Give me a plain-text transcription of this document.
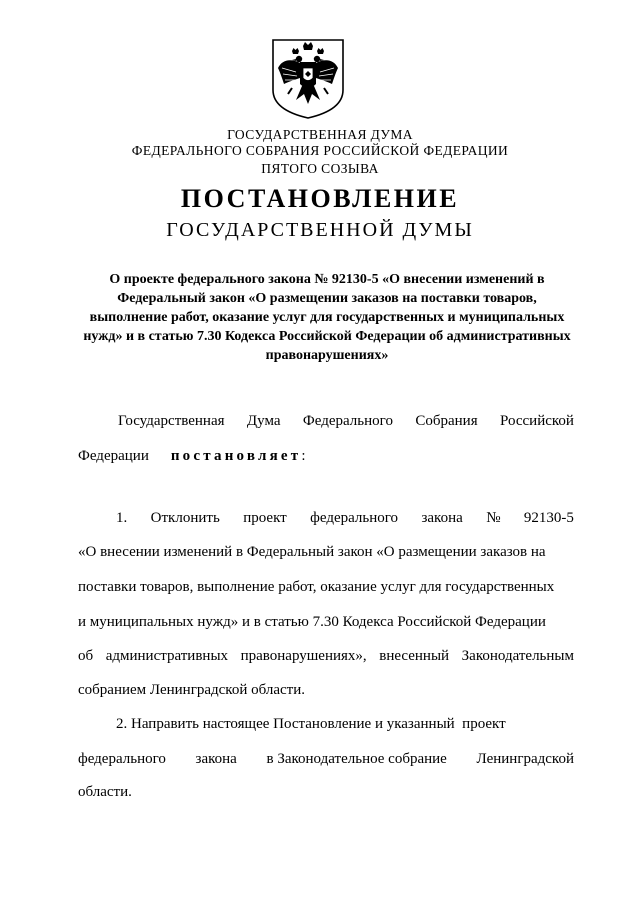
ГОСУДАРСТВЕННАЯ ДУМА
ФЕДЕРАЛЬНОГО СОБРАНИЯ РОССИЙСКОЙ ФЕДЕРАЦИИ
ПЯТОГО СОЗЫВА
ПОСТАНОВЛЕНИЕ
ГОСУДАРСТВЕННОЙ ДУМЫ
О проекте федерального закона № 92130-5 «О внесении изменений в Федеральный закон «О размещении заказов на поставки товаров, выполнение работ, оказание услуг для государственных и муниципальных нужд» и в статью 7.30 Кодекса Российской Федерации об административных правонарушениях»
Государственная Дума Федерального Собрания Российской
Федерации постановляет:
1. Отклонить проект федерального закона № 92130-5
«О внесении изменений в Федеральный закон «О размещении заказов на
поставки товаров, выполнение работ, оказание услуг для государственных
и муниципальных нужд» и в статью 7.30 Кодекса Российской Федерации
об административных правонарушениях», внесенный Законодательным
собранием Ленинградской области.
2. Направить настоящее Постановление и указанный  проект
федерального закона в Законодательное собрание Ленинградской
области.
